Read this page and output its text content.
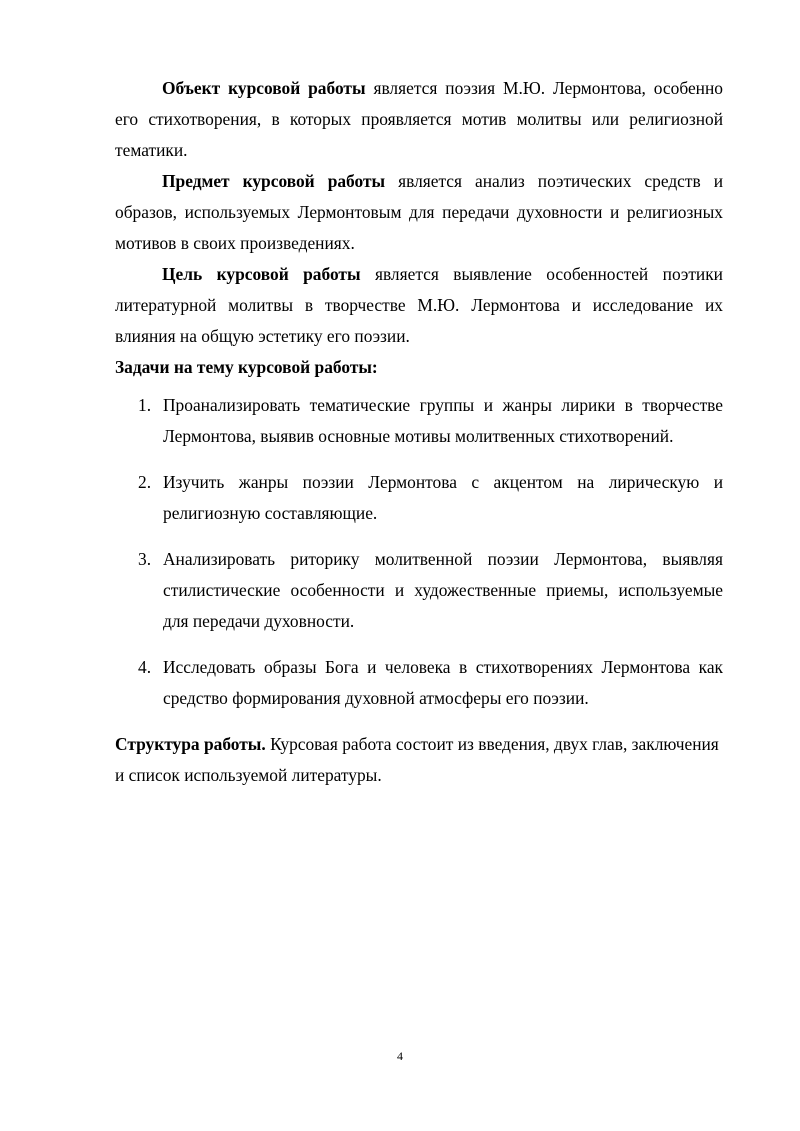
Объект курсовой работы является поэзия М.Ю. Лермонтова, особенно его стихотворения, в которых проявляется мотив молитвы или религиозной тематики.

Предмет курсовой работы является анализ поэтических средств и образов, используемых Лермонтовым для передачи духовности и религиозных мотивов в своих произведениях.

Цель курсовой работы является выявление особенностей поэтики литературной молитвы в творчестве М.Ю. Лермонтова и исследование их влияния на общую эстетику его поэзии.

Задачи на тему курсовой работы:

1. Проанализировать тематические группы и жанры лирики в творчестве Лермонтова, выявив основные мотивы молитвенных стихотворений.
2. Изучить жанры поэзии Лермонтова с акцентом на лирическую и религиозную составляющие.
3. Анализировать риторику молитвенной поэзии Лермонтова, выявляя стилистические особенности и художественные приемы, используемые для передачи духовности.
4. Исследовать образы Бога и человека в стихотворениях Лермонтова как средство формирования духовной атмосферы его поэзии.

Структура работы. Курсовая работа состоит из введения, двух глав, заключения и список используемой литературы.

4
